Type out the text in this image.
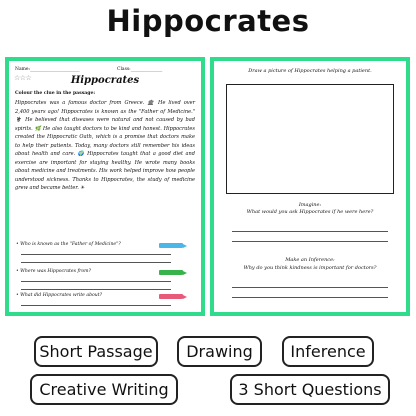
Hippocrates
Name:______________________	Class:______________
☆☆☆	Hippocrates
Colour the clue in the passage:
Hippocrates was a famous doctor from Greece. 🏛 He lived over 2,400 years ago! Hippocrates is known as the "Father of Medicine." ⚕ He believed that diseases were natural and not caused by bad spirits. 🌿 He also taught doctors to be kind and honest. Hippocrates created the Hippocratic Oath, which is a promise that doctors make to help their patients. Today, many doctors still remember his ideas about health and care. 🌍 Hippocrates taught that a good diet and exercise are important for staying healthy. He wrote many books about medicine and treatments. His work helped improve how people understood sickness. Thanks to Hippocrates, the study of medicine grew and became better. ☀
• Who is known as the "Father of Medicine"?
• Where was Hippocrates from?
• What did Hippocrates write about?
Draw a picture of Hippocrates helping a patient.
Imagine:
What would you ask Hippocrates if he were here?
Make an Inference:
Why do you think kindness is important for doctors?
Short Passage	Drawing	Inference
Creative Writing	3 Short Questions
